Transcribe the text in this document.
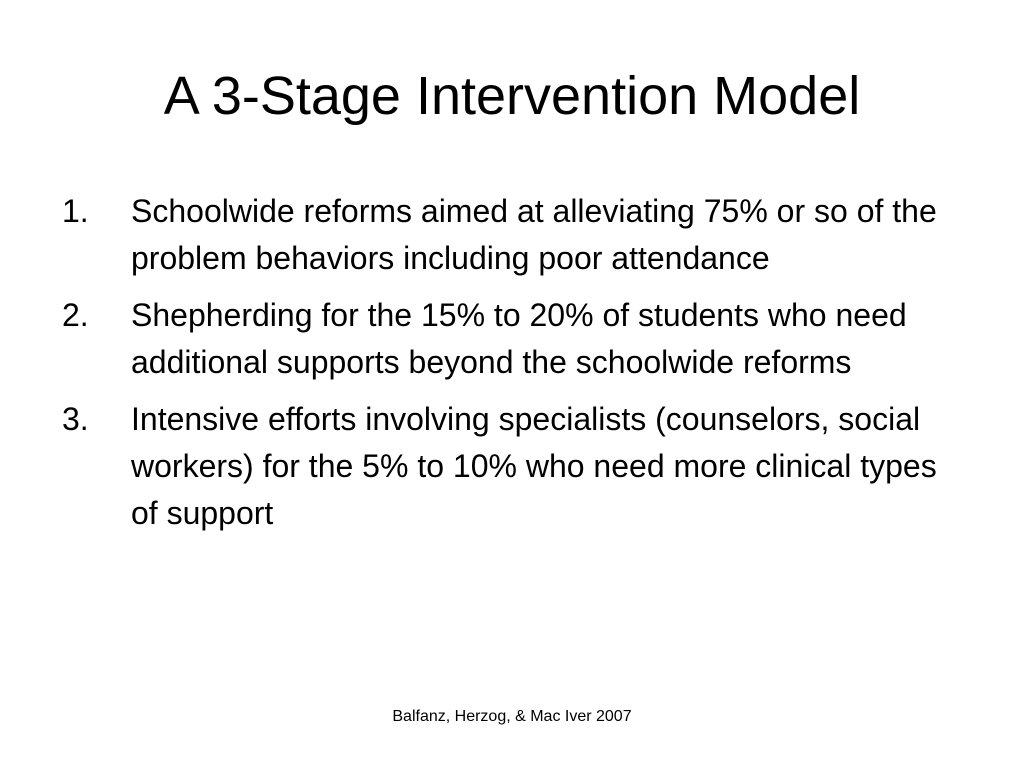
A 3-Stage Intervention Model
1.	Schoolwide reforms aimed at alleviating 75% or so of the problem behaviors including poor attendance
2.	Shepherding for the 15% to 20% of students who need additional supports beyond the schoolwide reforms
3.	Intensive efforts involving specialists (counselors, social workers) for the 5% to 10% who need more clinical types of support
Balfanz, Herzog, & Mac Iver 2007
